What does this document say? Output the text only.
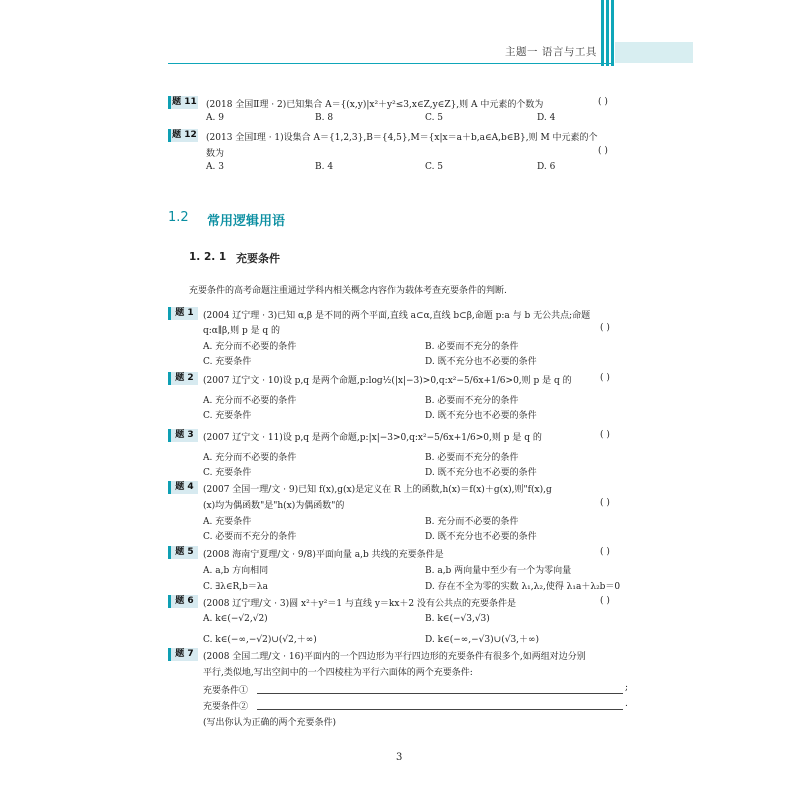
主题一 语言与工具
题 11 (2018 全国Ⅱ理 · 2)已知集合 A＝{(x,y)|x²＋y²≤3,x∈Z,y∈Z},则 A 中元素的个数为	( )
A. 9	B. 8	C. 5	D. 4
题 12 (2013 全国Ⅰ理 · 1)设集合 A＝{1,2,3},B＝{4,5},M＝{x|x＝a＋b,a∈A,b∈B},则 M 中元素的个
数为	( )
A. 3	B. 4	C. 5	D. 6
1.2 常用逻辑用语
1. 2. 1 充要条件
充要条件的高考命题注重通过学科内相关概念内容作为载体考查充要条件的判断.
题 1	(2004 辽宁理 · 3)已知 α,β 是不同的两个平面,直线 a⊂α,直线 b⊂β,命题 p:a 与 b 无公共点;命题
q:α∥β,则 p 是 q 的	( )
A. 充分而不必要的条件	B. 必要而不充分的条件
C. 充要条件	D. 既不充分也不必要的条件
题 2	(2007 辽宁文 · 10)设 p,q 是两个命题,p:log½(|x|−3)>0,q:x²−5/6x+1/6>0,则 p 是 q 的	( )
A. 充分而不必要的条件	B. 必要而不充分的条件
C. 充要条件	D. 既不充分也不必要的条件
题 3	(2007 辽宁文 · 11)设 p,q 是两个命题,p:|x|−3>0,q:x²−5/6x+1/6>0,则 p 是 q 的	( )
A. 充分而不必要的条件	B. 必要而不充分的条件
C. 充要条件	D. 既不充分也不必要的条件
题 4	(2007 全国一理/文 · 9)已知 f(x),g(x)是定义在 R 上的函数,h(x)＝f(x)＋g(x),则"f(x),g
(x)均为偶函数"是"h(x)为偶函数"的	( )
A. 充要条件	B. 充分而不必要的条件
C. 必要而不充分的条件	D. 既不充分也不必要的条件
题 5	(2008 海南宁夏理/文 · 9/8)平面向量 a,b 共线的充要条件是	( )
A. a,b 方向相同	B. a,b 两向量中至少有一个为零向量
C. ∃λ∈R,b＝λa	D. 存在不全为零的实数 λ₁,λ₂,使得 λ₁a＋λ₂b＝0
题 6	(2008 辽宁理/文 · 3)圆 x²＋y²＝1 与直线 y＝kx＋2 没有公共点的充要条件是	( )
A. k∈(−√2,√2)	B. k∈(−√3,√3)
C. k∈(−∞,−√2)∪(√2,＋∞)	D. k∈(−∞,−√3)∪(√3,＋∞)
题 7	(2008 全国二理/文 · 16)平面内的一个四边形为平行四边形的充要条件有很多个,如两组对边分别
平行,类似地,写出空间中的一个四棱柱为平行六面体的两个充要条件:
充要条件①	;
充要条件②	.
(写出你认为正确的两个充要条件)
3
